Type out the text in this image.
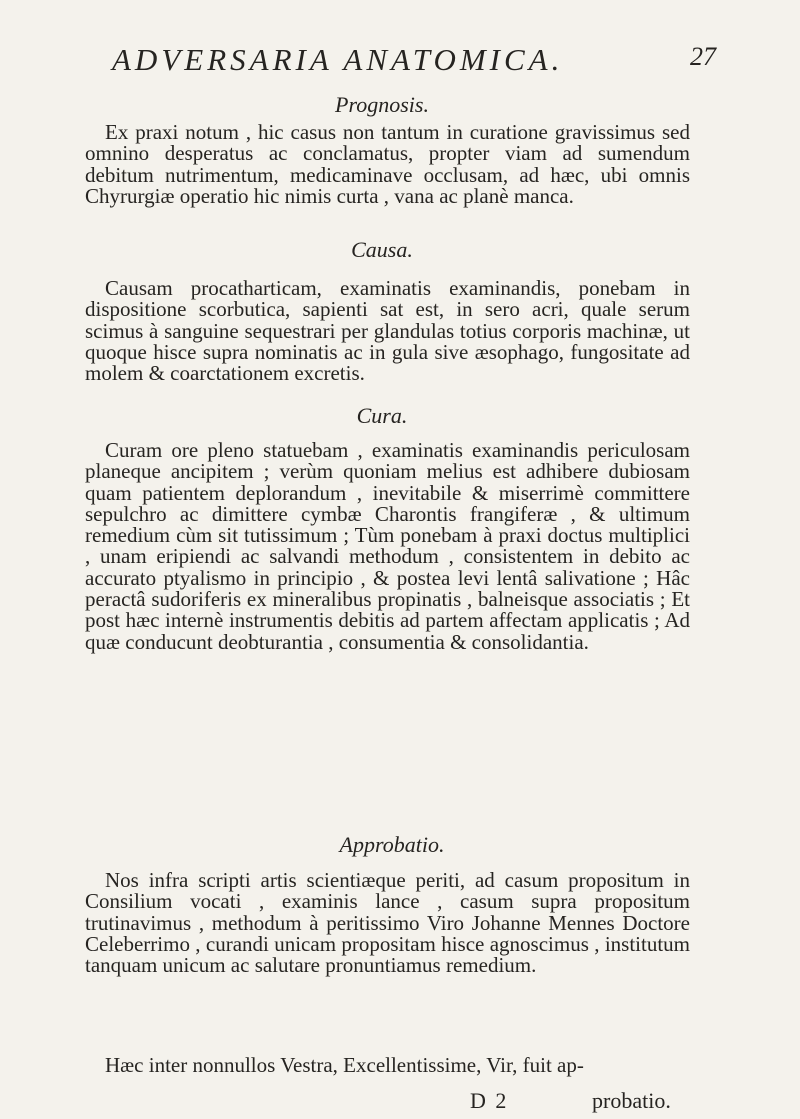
ADVERSARIA ANATOMICA.	27
Prognosis.

Ex praxi notum , hic casus non tantum in curatione gravissimus sed omnino desperatus ac conclamatus, propter viam ad sumendum debitum nutrimentum, medicaminave occlusam, ad hæc, ubi omnis Chyrurgiæ operatio hic nimis curta , vana ac planè manca.

Causa.

Causam procatharticam, examinatis examinandis, ponebam in dispositione scorbutica, sapienti sat est, in sero acri, quale serum scimus à sanguine sequestrari per glandulas totius corporis machinæ, ut quoque hisce supra nominatis ac in gula sive æsophago, fungositate ad molem & coarctationem excretis.

Cura.

Curam ore pleno statuebam , examinatis examinandis periculosam planeque ancipitem ; verùm quoniam melius est adhibere dubiosam quam patientem deplorandum , inevitabile & miserrimè committere sepulchro ac dimittere cymbæ Charontis frangiferæ , & ultimum remedium cùm sit tutissimum ; Tùm ponebam à praxi doctus multiplici , unam eripiendi ac salvandi methodum , consistentem in debito ac accurato ptyalismo in principio , & postea levi lentâ salivatione ; Hâc peractâ sudoriferis ex mineralibus propinatis , balneisque associatis ; Et post hæc internè instrumentis debitis ad partem affectam applicatis ; Ad quæ conducunt deobturantia , consumentia & consolidantia.

Approbatio.

Nos infra scripti artis scientiæque periti, ad casum propositum in Consilium vocati , examinis lance , casum supra propositum trutinavimus , methodum à peritissimo Viro Johanne Mennes Doctore Celeberrimo , curandi unicam propositam hisce agnoscimus , institutum tanquam unicum ac salutare pronuntiamus remedium.

Hæc inter nonnullos Vestra, Excellentissime, Vir, fuit ap-
D 2	probatio.
